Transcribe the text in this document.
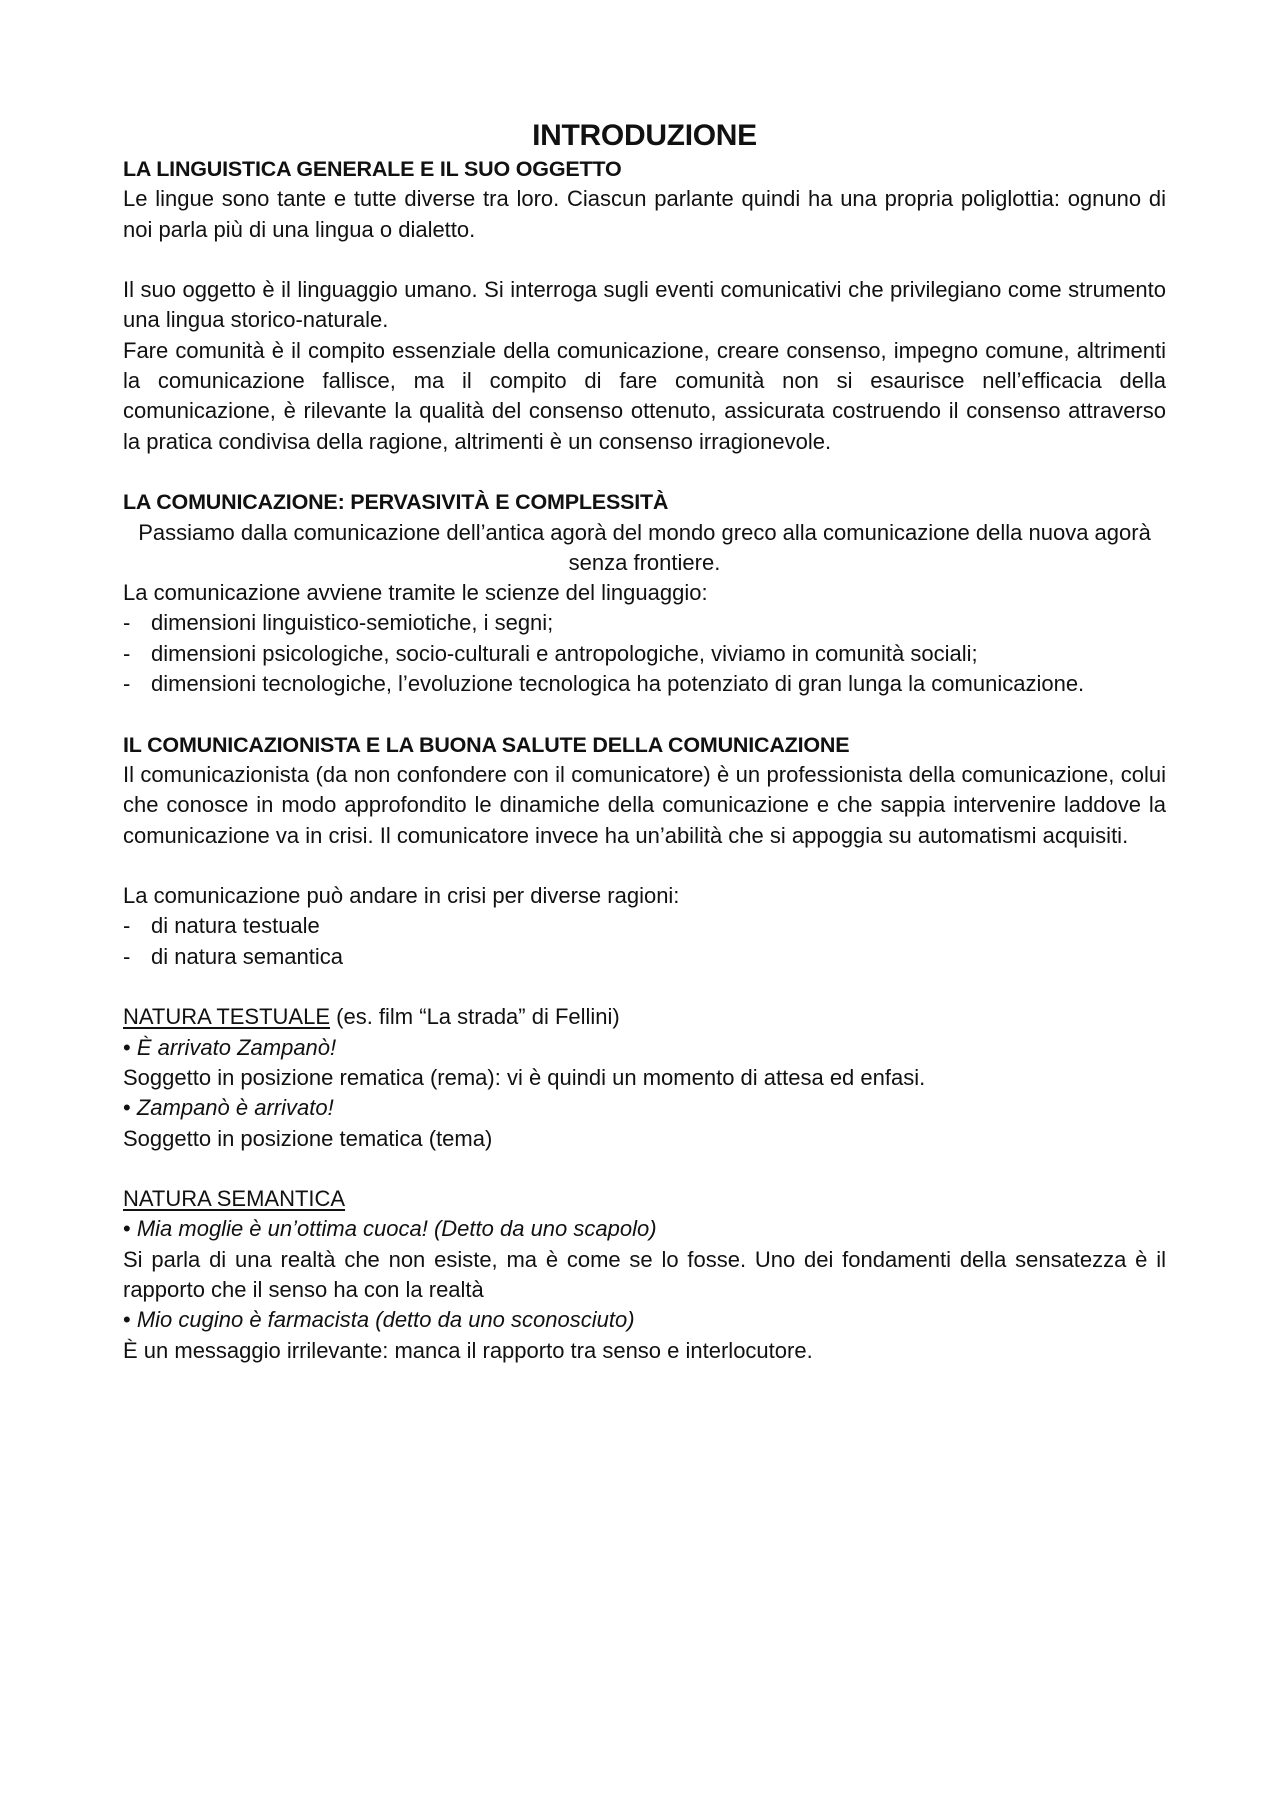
INTRODUZIONE
LA LINGUISTICA GENERALE E IL SUO OGGETTO

Le lingue sono tante e tutte diverse tra loro. Ciascun parlante quindi ha una propria poliglottia: ognuno di noi parla più di una lingua o dialetto.

Il suo oggetto è il linguaggio umano. Si interroga sugli eventi comunicativi che privilegiano come strumento una lingua storico-naturale.

Fare comunità è il compito essenziale della comunicazione, creare consenso, impegno comune, altrimenti la comunicazione fallisce, ma il compito di fare comunità non si esaurisce nell’efficacia della comunicazione, è rilevante la qualità del consenso ottenuto, assicurata costruendo il consenso attraverso la pratica condivisa della ragione, altrimenti è un consenso irragionevole.

LA COMUNICAZIONE: PERVASIVITÀ E COMPLESSITÀ

Passiamo dalla comunicazione dell’antica agorà del mondo greco alla comunicazione della nuova agorà senza frontiere.

La comunicazione avviene tramite le scienze del linguaggio:

- dimensioni linguistico-semiotiche, i segni;
- dimensioni psicologiche, socio-culturali e antropologiche, viviamo in comunità sociali;
- dimensioni tecnologiche, l’evoluzione tecnologica ha potenziato di gran lunga la comunicazione.
IL COMUNICAZIONISTA E LA BUONA SALUTE DELLA COMUNICAZIONE

Il comunicazionista (da non confondere con il comunicatore) è un professionista della comunicazione, colui che conosce in modo approfondito le dinamiche della comunicazione e che sappia intervenire laddove la comunicazione va in crisi. Il comunicatore invece ha un’abilità che si appoggia su automatismi acquisiti.

La comunicazione può andare in crisi per diverse ragioni:

- di natura testuale
- di natura semantica

NATURA TESTUALE (es. film “La strada” di Fellini)

• È arrivato Zampanò!

Soggetto in posizione rematica (rema): vi è quindi un momento di attesa ed enfasi.

• Zampanò è arrivato!

Soggetto in posizione tematica (tema)

NATURA SEMANTICA

• Mia moglie è un’ottima cuoca! (Detto da uno scapolo)

Si parla di una realtà che non esiste, ma è come se lo fosse. Uno dei fondamenti della sensatezza è il rapporto che il senso ha con la realtà

• Mio cugino è farmacista (detto da uno sconosciuto)

È un messaggio irrilevante: manca il rapporto tra senso e interlocutore.
